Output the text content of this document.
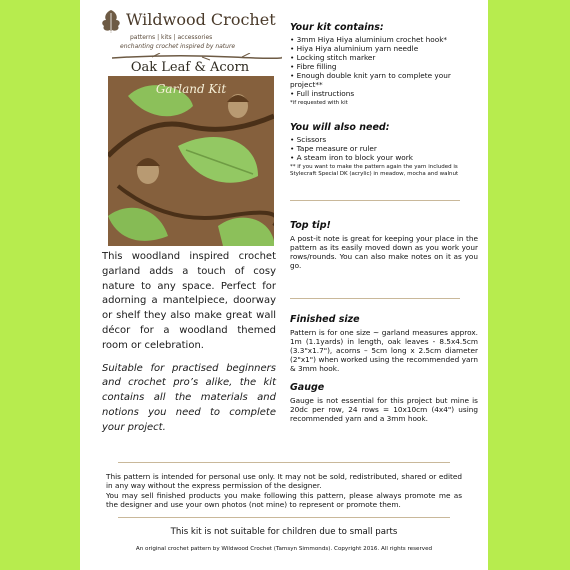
Wildwood Crochet
patterns | kits | accessories
enchanting crochet inspired by nature
Oak Leaf & Acorn
Garland Kit

This woodland inspired crochet garland adds a touch of cosy nature to any space. Perfect for adorning a mantelpiece, doorway or shelf they also make great wall décor for a woodland themed room or celebration.

Suitable for practised beginners and crochet pro’s alike, the kit contains all the materials and notions you need to complete your project.

Your kit contains:
• 3mm Hiya Hiya aluminium crochet hook*
• Hiya Hiya aluminium yarn needle
• Locking stitch marker
• Fibre filling
• Enough double knit yarn to complete your project**
• Full instructions
*if requested with kit
You will also need:
• Scissors
• Tape measure or ruler
• A steam iron to block your work
** if you want to make the pattern again the yarn included is Stylecraft Special DK (acrylic) in meadow, mocha and walnut
Top tip!
A post-it note is great for keeping your place in the pattern as its easily moved down as you work your rows/rounds. You can also make notes on it as you go.
Finished size
Pattern is for one size ~ garland measures approx. 1m (1.1yards) in length, oak leaves - 8.5x4.5cm (3.3"x1.7"), acorns – 5cm long x 2.5cm diameter (2"x1") when worked using the recommended yarn & 3mm hook.
Gauge
Gauge is not essential for this project but mine is 20dc per row, 24 rows = 10x10cm (4x4") using recommended yarn and a 3mm hook.

This pattern is intended for personal use only. It may not be sold, redistributed, shared or edited in any way without the express permission of the designer.

You may sell finished products you make following this pattern, please always promote me as the designer and use your own photos (not mine) to represent or promote them.

This kit is not suitable for children due to small parts
An original crochet pattern by Wildwood Crochet (Tamsyn Simmonds). Copyright 2016. All rights reserved
